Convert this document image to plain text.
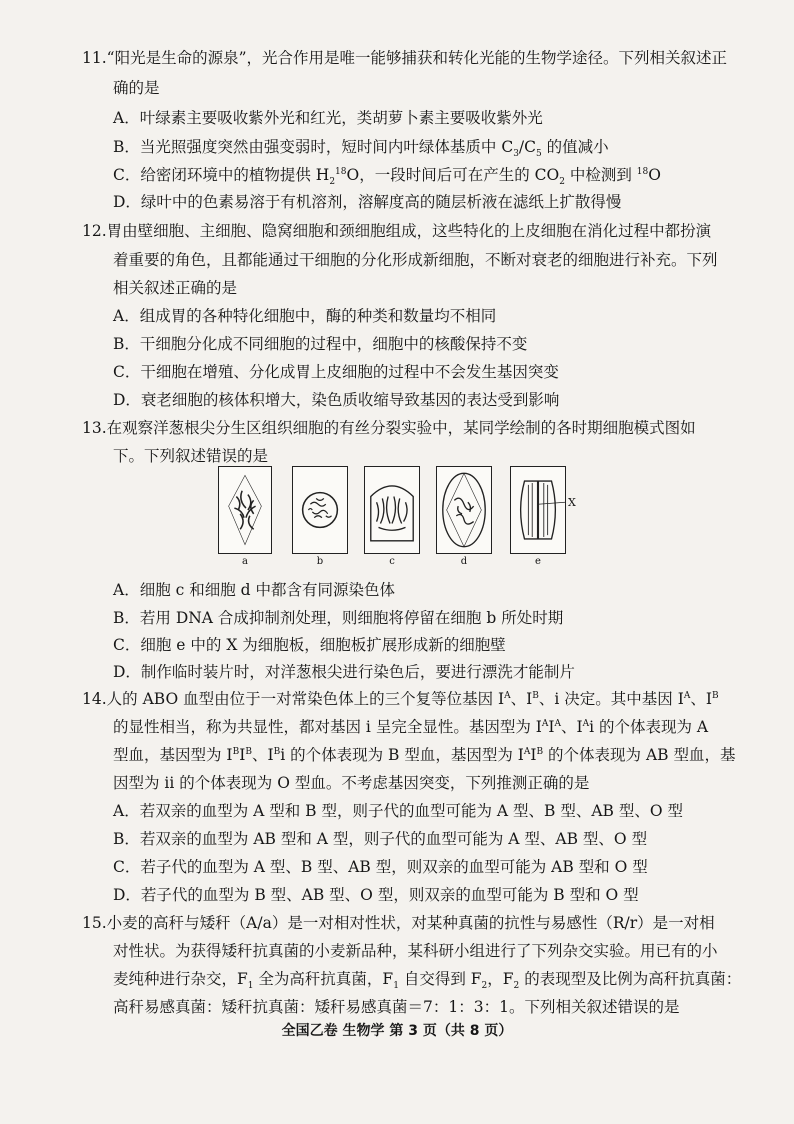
11.“阳光是生命的源泉”，光合作用是唯一能够捕获和转化光能的生物学途径。下列相关叙述正
确的是
A．叶绿素主要吸收紫外光和红光，类胡萝卜素主要吸收紫外光
B．当光照强度突然由强变弱时，短时间内叶绿体基质中 $C_3/C_5$ 的值减小
C．给密闭环境中的植物提供 $H_2^{18}O$，一段时间后可在产生的 $CO_2$ 中检测到 $^{18}$O
D．绿叶中的色素易溶于有机溶剂，溶解度高的随层析液在滤纸上扩散得慢
12.胃由壁细胞、主细胞、隐窝细胞和颈细胞组成，这些特化的上皮细胞在消化过程中都扮演
着重要的角色，且都能通过干细胞的分化形成新细胞，不断对衰老的细胞进行补充。下列
相关叙述正确的是
A．组成胃的各种特化细胞中，酶的种类和数量均不相同
B．干细胞分化成不同细胞的过程中，细胞中的核酸保持不变
C．干细胞在增殖、分化成胃上皮细胞的过程中不会发生基因突变
D．衰老细胞的核体积增大，染色质收缩导致基因的表达受到影响
13.在观察洋葱根尖分生区组织细胞的有丝分裂实验中，某同学绘制的各时期细胞模式图如
下。下列叙述错误的是
a	b	c	d	e
X
A．细胞 c 和细胞 d 中都含有同源染色体
B．若用 DNA 合成抑制剂处理，则细胞将停留在细胞 b 所处时期
C．细胞 e 中的 X 为细胞板，细胞板扩展形成新的细胞壁
D．制作临时装片时，对洋葱根尖进行染色后，要进行漂洗才能制片
14.人的 ABO 血型由位于一对常染色体上的三个复等位基因 $I^A$、$I^B$、i 决定。其中基因 $I^A$、$I^B$
的显性相当，称为共显性，都对基因 i 呈完全显性。基因型为 $I^AI^A$、$I^Ai$ 的个体表现为 A
型血，基因型为 $I^BI^B$、$I^Bi$ 的个体表现为 B 型血，基因型为 $I^AI^B$ 的个体表现为 AB 型血，基
因型为 ii 的个体表现为 O 型血。不考虑基因突变，下列推测正确的是
A．若双亲的血型为 A 型和 B 型，则子代的血型可能为 A 型、B 型、AB 型、O 型
B．若双亲的血型为 AB 型和 A 型，则子代的血型可能为 A 型、AB 型、O 型
C．若子代的血型为 A 型、B 型、AB 型，则双亲的血型可能为 AB 型和 O 型
D．若子代的血型为 B 型、AB 型、O 型，则双亲的血型可能为 B 型和 O 型
15.小麦的高秆与矮秆（A/a）是一对相对性状，对某种真菌的抗性与易感性（R/r）是一对相
对性状。为获得矮秆抗真菌的小麦新品种，某科研小组进行了下列杂交实验。用已有的小
麦纯种进行杂交，$F_1$ 全为高秆抗真菌，$F_1$ 自交得到 $F_2$，$F_2$ 的表现型及比例为高秆抗真菌：
高秆易感真菌：矮秆抗真菌：矮秆易感真菌＝7：1：3：1。下列相关叙述错误的是
全国乙卷 生物学 第 3 页（共 8 页）
